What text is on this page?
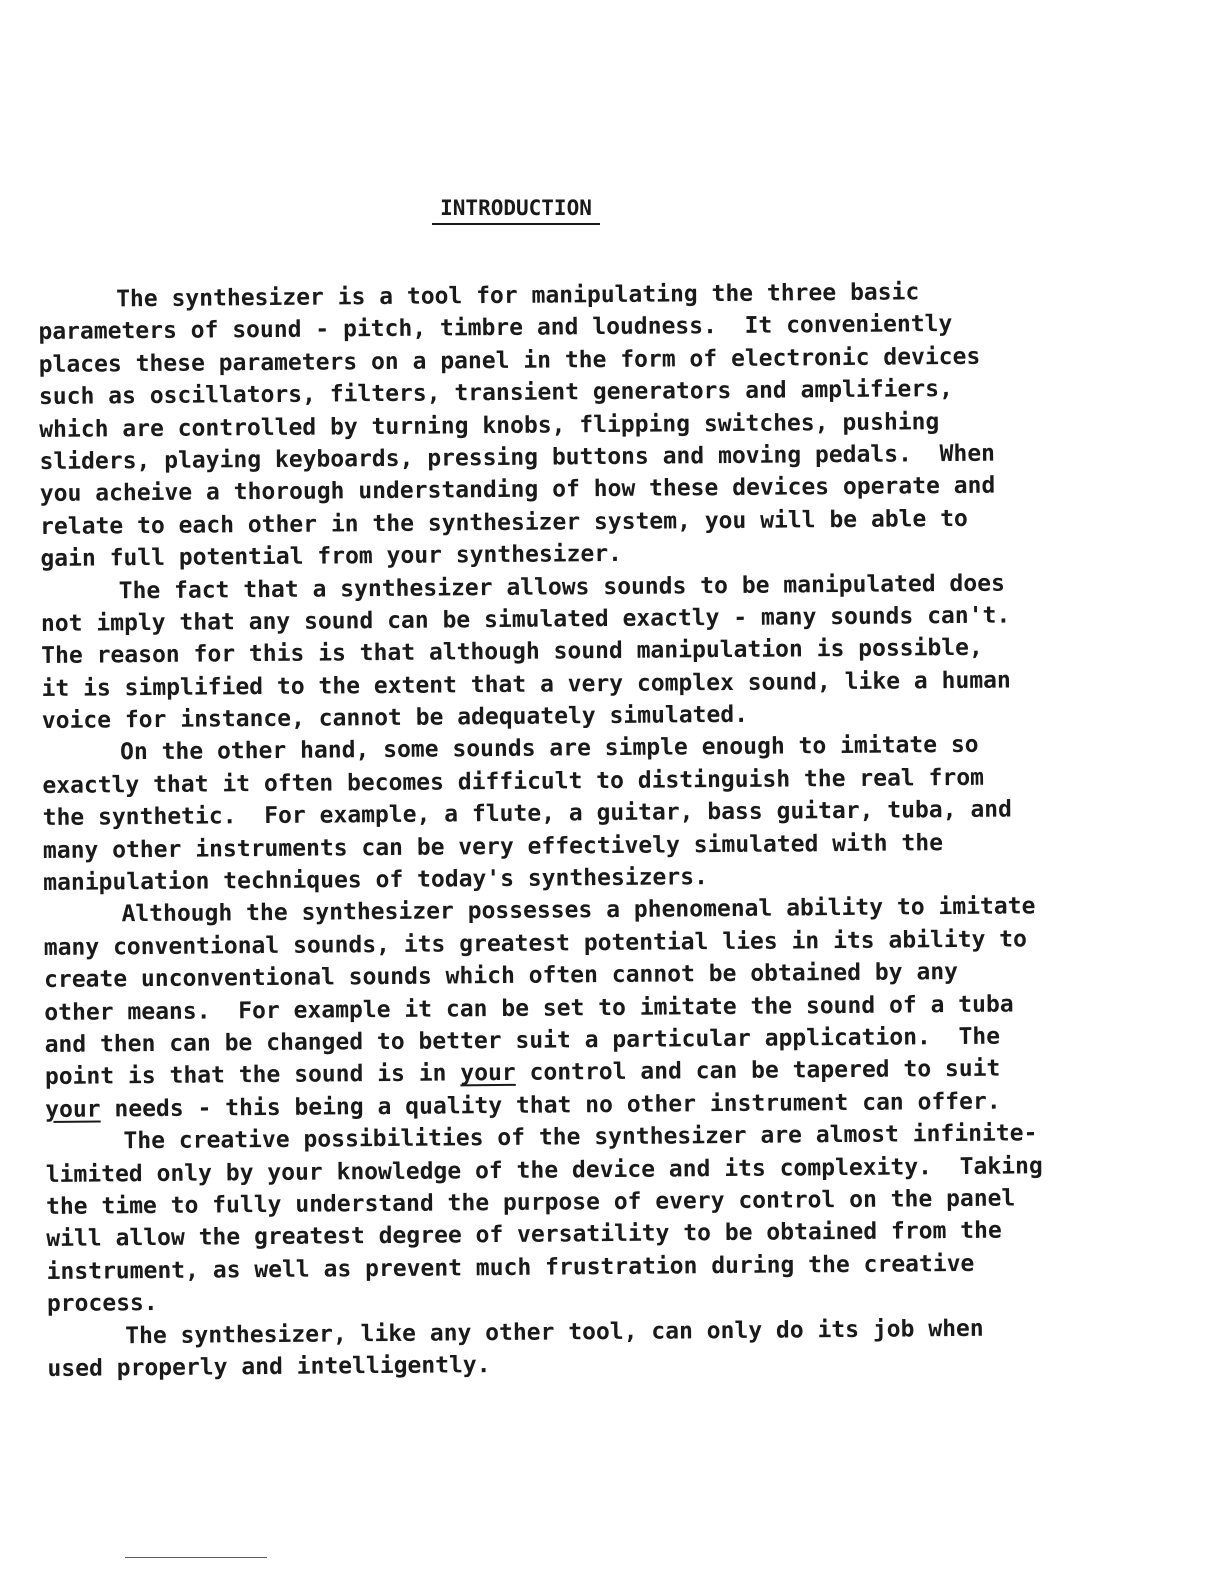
INTRODUCTION
The synthesizer is a tool for manipulating the three basic
parameters of sound - pitch, timbre and loudness.  It conveniently
places these parameters on a panel in the form of electronic devices
such as oscillators, filters, transient generators and amplifiers,
which are controlled by turning knobs, flipping switches, pushing
sliders, playing keyboards, pressing buttons and moving pedals.  When
you acheive a thorough understanding of how these devices operate and
relate to each other in the synthesizer system, you will be able to
gain full potential from your synthesizer.
The fact that a synthesizer allows sounds to be manipulated does
not imply that any sound can be simulated exactly - many sounds can't.
The reason for this is that although sound manipulation is possible,
it is simplified to the extent that a very complex sound, like a human
voice for instance, cannot be adequately simulated.
On the other hand, some sounds are simple enough to imitate so
exactly that it often becomes difficult to distinguish the real from
the synthetic.  For example, a flute, a guitar, bass guitar, tuba, and
many other instruments can be very effectively simulated with the
manipulation techniques of today's synthesizers.
Although the synthesizer possesses a phenomenal ability to imitate
many conventional sounds, its greatest potential lies in its ability to
create unconventional sounds which often cannot be obtained by any
other means.  For example it can be set to imitate the sound of a tuba
and then can be changed to better suit a particular application.  The
point is that the sound is in your control and can be tapered to suit
your needs - this being a quality that no other instrument can offer.
The creative possibilities of the synthesizer are almost infinite-
limited only by your knowledge of the device and its complexity.  Taking
the time to fully understand the purpose of every control on the panel
will allow the greatest degree of versatility to be obtained from the
instrument, as well as prevent much frustration during the creative
process.
The synthesizer, like any other tool, can only do its job when
used properly and intelligently.
